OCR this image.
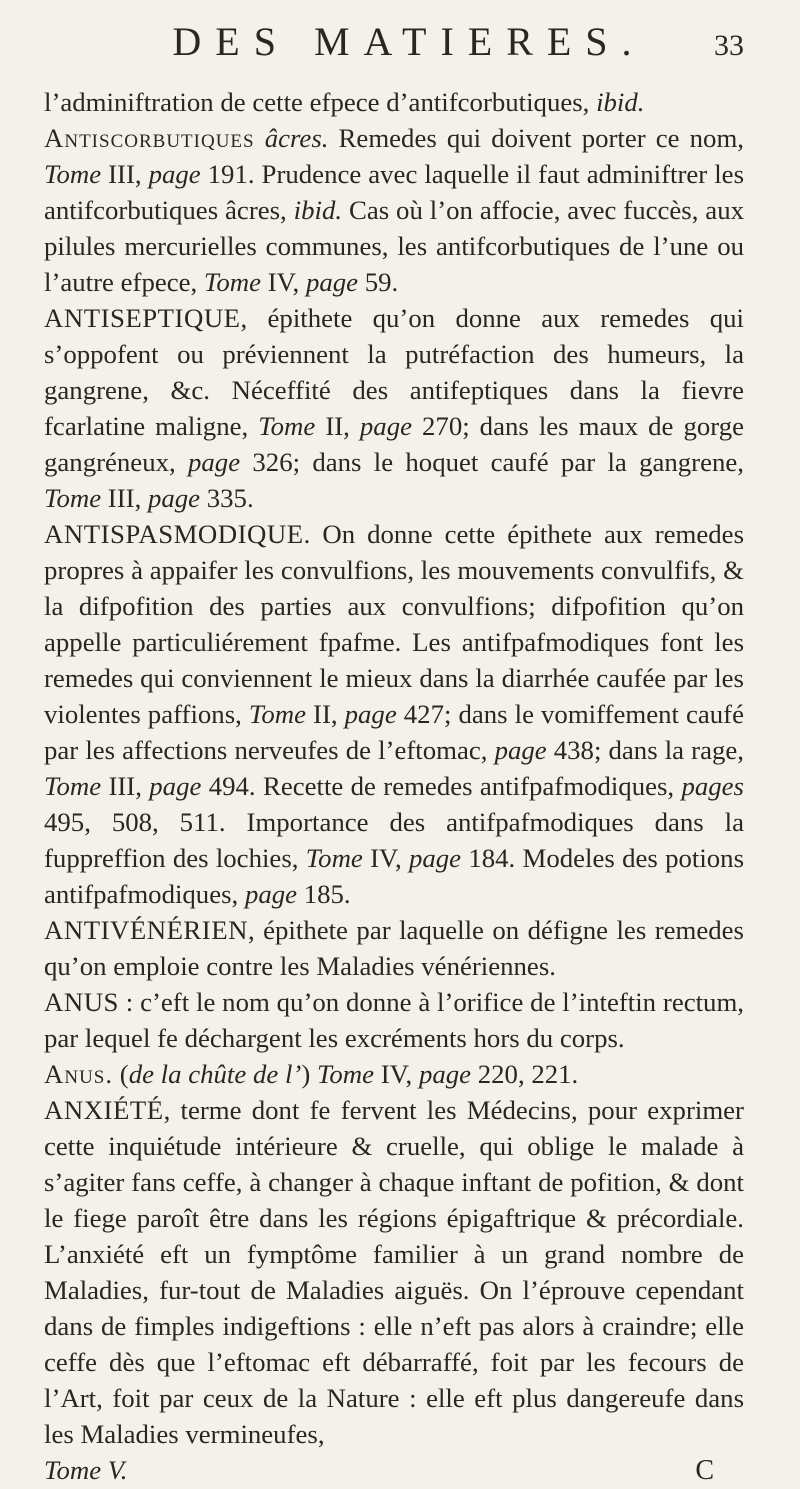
DES MATIERES.	33

l’adminiftration de cette efpece d’antifcorbutiques, ibid.

Antiscorbutiques âcres. Remedes qui doivent porter ce nom, Tome III, page 191. Prudence avec laquelle il faut adminiftrer les antifcorbutiques âcres, ibid. Cas où l’on affocie, avec fuccès, aux pilules mercurielles communes, les antifcorbutiques de l’une ou l’autre efpece, Tome IV, page 59.

ANTISEPTIQUE, épithete qu’on donne aux remedes qui s’oppofent ou préviennent la putréfaction des humeurs, la gangrene, &c. Néceffité des antifeptiques dans la fievre fcarlatine maligne, Tome II, page 270; dans les maux de gorge gangréneux, page 326; dans le hoquet caufé par la gangrene, Tome III, page 335.

ANTISPASMODIQUE. On donne cette épithete aux remedes propres à appaifer les convulfions, les mouvements convulfifs, & la difpofition des parties aux convulfions; difpofition qu’on appelle particuliérement fpafme. Les antifpafmodiques font les remedes qui conviennent le mieux dans la diarrhée caufée par les violentes paffions, Tome II, page 427; dans le vomiffement caufé par les affections nerveufes de l’eftomac, page 438; dans la rage, Tome III, page 494. Recette de remedes antifpafmodiques, pages 495, 508, 511. Importance des antifpafmodiques dans la fuppreffion des lochies, Tome IV, page 184. Modeles des potions antifpafmodiques, page 185.

ANTIVÉNÉRIEN, épithete par laquelle on défigne les remedes qu’on emploie contre les Maladies vénériennes.

ANUS : c’eft le nom qu’on donne à l’orifice de l’inteftin rectum, par lequel fe déchargent les excréments hors du corps.

Anus. (de la chûte de l’) Tome IV, page 220, 221.

ANXIÉTÉ, terme dont fe fervent les Médecins, pour exprimer cette inquiétude intérieure & cruelle, qui oblige le malade à s’agiter fans ceffe, à changer à chaque inftant de pofition, & dont le fiege paroît être dans les régions épigaftrique & précordiale. L’anxiété eft un fymptôme familier à un grand nombre de Maladies, fur-tout de Maladies aiguës. On l’éprouve cependant dans de fimples indigeftions : elle n’eft pas alors à craindre; elle ceffe dès que l’eftomac eft débarraffé, foit par les fecours de l’Art, foit par ceux de la Nature : elle eft plus dangereufe dans les Maladies vermineufes,

Tome V.	C
